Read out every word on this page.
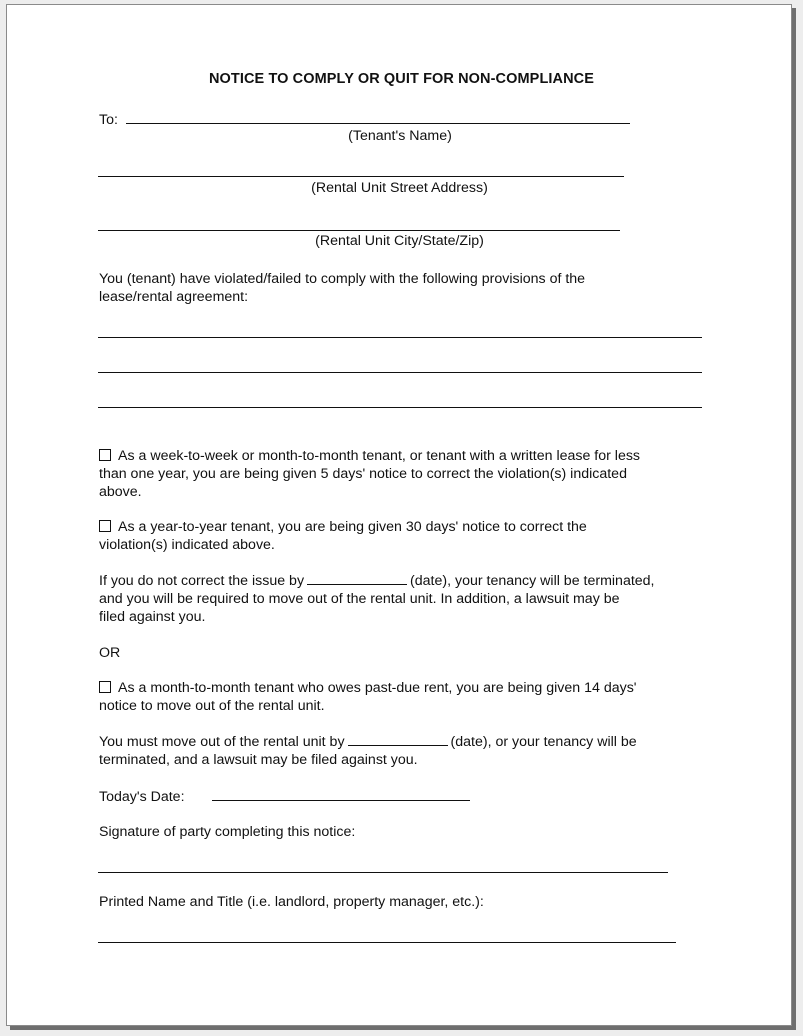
NOTICE TO COMPLY OR QUIT FOR NON-COMPLIANCE
To:
(Tenant's Name)
(Rental Unit Street Address)
(Rental Unit City/State/Zip)
You (tenant) have violated/failed to comply with the following provisions of the
lease/rental agreement:
As a week-to-week or month-to-month tenant, or tenant with a written lease for less
than one year, you are being given 5 days' notice to correct the violation(s) indicated
above.
As a year-to-year tenant, you are being given 30 days' notice to correct the
violation(s) indicated above.
If you do not correct the issue by	(date), your tenancy will be terminated,
and you will be required to move out of the rental unit. In addition, a lawsuit may be
filed against you.
OR
As a month-to-month tenant who owes past-due rent, you are being given 14 days'
notice to move out of the rental unit.
You must move out of the rental unit by	(date), or your tenancy will be
terminated, and a lawsuit may be filed against you.
Today's Date:
Signature of party completing this notice:
Printed Name and Title (i.e. landlord, property manager, etc.):
